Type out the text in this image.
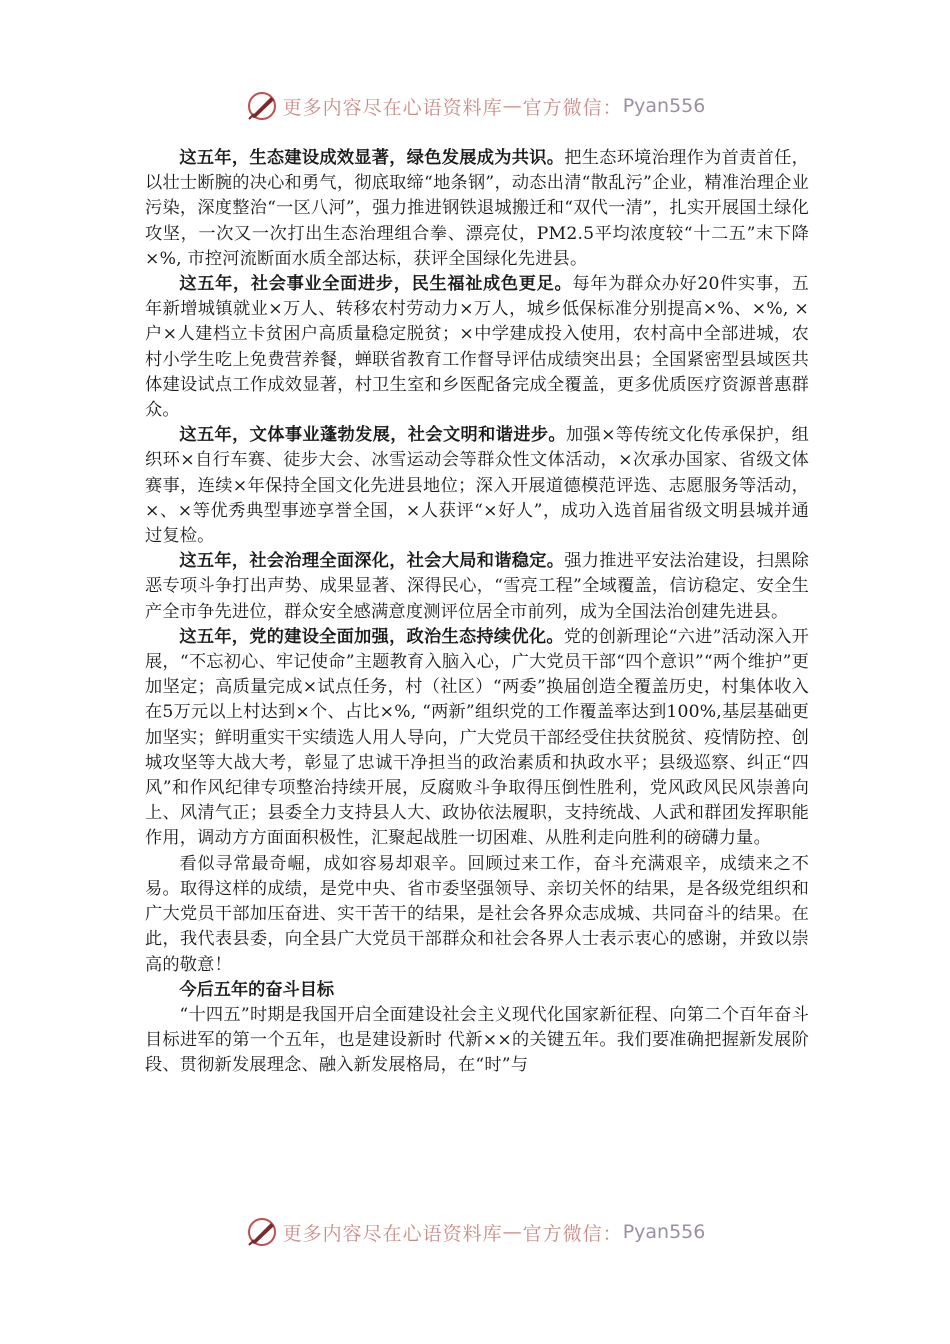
更多内容尽在心语资料库 — 官方微信： Pyan556

这五年，生态建设成效显著，绿色发展成为共识。把生态环境治理作为首责首任，以壮士断腕的决心和勇气，彻底取缔“地条钢”，动态出清“散乱污”企业，精准治理企业污染，深度整治“一区八河”，强力推进钢铁退城搬迁和“双代一清”，扎实开展国土绿化攻坚，一次又一次打出生态治理组合拳、漂亮仗，PM2.5平均浓度较“十二五”末下降×%, 市控河流断面水质全部达标，获评全国绿化先进县。

这五年，社会事业全面进步，民生福祉成色更足。每年为群众办好20件实事，五年新增城镇就业×万人、转移农村劳动力×万人，城乡低保标准分别提高×%、×%, ×户×人建档立卡贫困户高质量稳定脱贫；×中学建成投入使用，农村高中全部进城，农村小学生吃上免费营养餐，蝉联省教育工作督导评估成绩突出县；全国紧密型县域医共体建设试点工作成效显著，村卫生室和乡医配备完成全覆盖，更多优质医疗资源普惠群众。

这五年，文体事业蓬勃发展，社会文明和谐进步。加强×等传统文化传承保护，组织环×自行车赛、徒步大会、冰雪运动会等群众性文体活动，×次承办国家、省级文体赛事，连续×年保持全国文化先进县地位；深入开展道德模范评选、志愿服务等活动，×、×等优秀典型事迹享誉全国，×人获评“×好人”，成功入选首届省级文明县城并通过复检。

这五年，社会治理全面深化，社会大局和谐稳定。强力推进平安法治建设，扫黑除恶专项斗争打出声势、成果显著、深得民心，“雪亮工程”全域覆盖，信访稳定、安全生产全市争先进位，群众安全感满意度测评位居全市前列，成为全国法治创建先进县。

这五年，党的建设全面加强，政治生态持续优化。党的创新理论“六进”活动深入开展，“不忘初心、牢记使命”主题教育入脑入心，广大党员干部“四个意识”“两个维护”更加坚定；高质量完成×试点任务，村（社区）“两委”换届创造全覆盖历史，村集体收入在5万元以上村达到×个、占比×%, “两新”组织党的工作覆盖率达到100%,基层基础更加坚实；鲜明重实干实绩选人用人导向，广大党员干部经受住扶贫脱贫、疫情防控、创城攻坚等大战大考，彰显了忠诚干净担当的政治素质和执政水平；县级巡察、纠正“四风”和作风纪律专项整治持续开展，反腐败斗争取得压倒性胜利，党风政风民风崇善向上、风清气正；县委全力支持县人大、政协依法履职，支持统战、人武和群团发挥职能作用，调动方方面面积极性，汇聚起战胜一切困难、从胜利走向胜利的磅礴力量。

看似寻常最奇崛，成如容易却艰辛。回顾过来工作，奋斗充满艰辛，成绩来之不易。取得这样的成绩，是党中央、省市委坚强领导、亲切关怀的结果，是各级党组织和广大党员干部加压奋进、实干苦干的结果，是社会各界众志成城、共同奋斗的结果。在此，我代表县委，向全县广大党员干部群众和社会各界人士表示衷心的感谢，并致以崇高的敬意！

今后五年的奋斗目标

“十四五”时期是我国开启全面建设社会主义现代化国家新征程、向第二个百年奋斗目标进军的第一个五年，也是建设新时 代新××的关键五年。我们要准确把握新发展阶段、贯彻新发展理念、融入新发展格局，在“时”与

更多内容尽在心语资料库 — 官方微信： Pyan556
